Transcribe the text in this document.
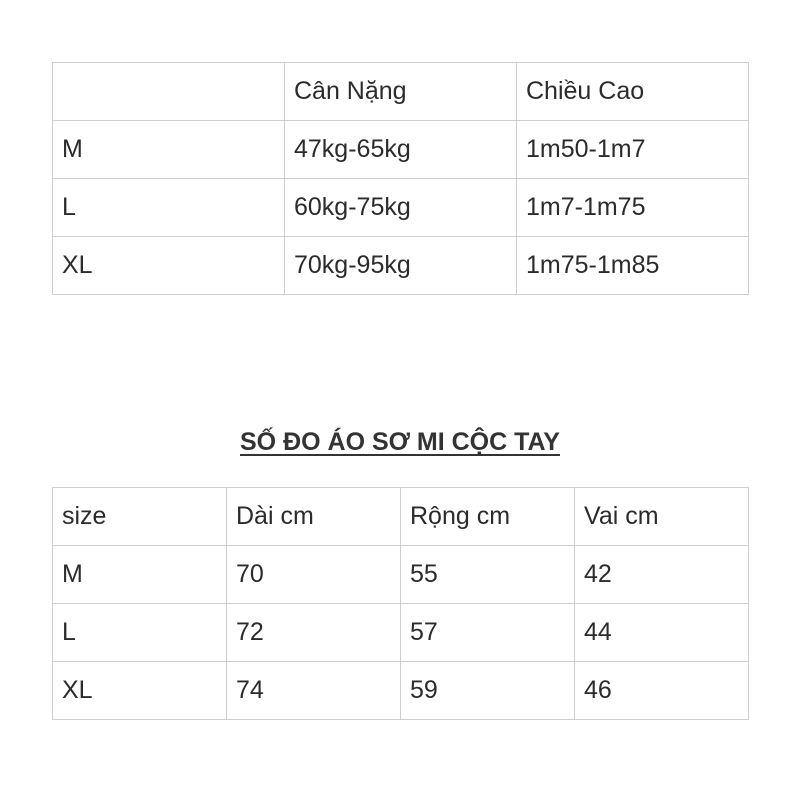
	Cân Nặng	Chiều Cao
M	47kg-65kg	1m50-1m7
L	60kg-75kg	1m7-1m75
XL	70kg-95kg	1m75-1m85
SỐ ĐO ÁO SƠ MI CỘC TAY
size	Dài cm	Rộng cm	Vai cm
M	70	55	42
L	72	57	44
XL	74	59	46
